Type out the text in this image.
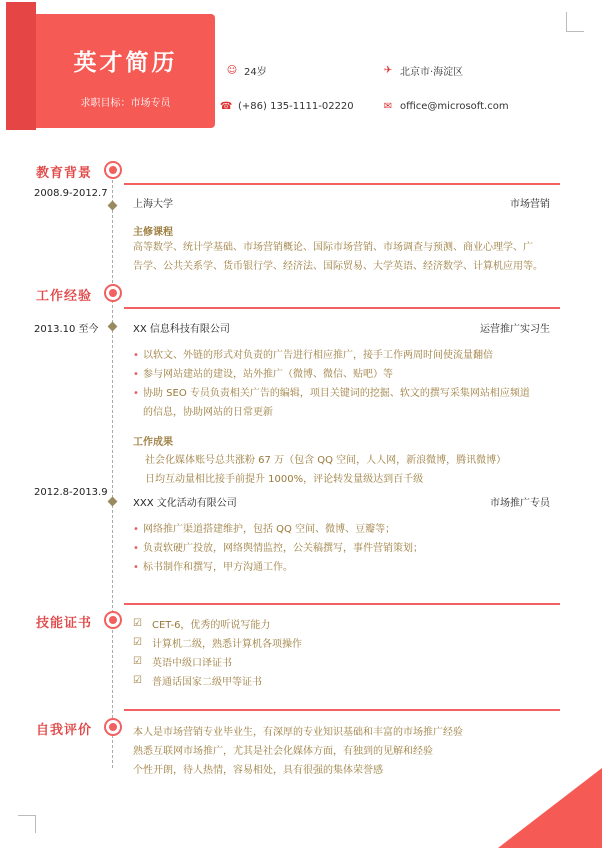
英才简历
求职目标：市场专员
☺ 24岁	✈ 北京市·海淀区
☎ (+86) 135-1111-02220	✉ office@microsoft.com
教育背景
2008.9-2012.7
上海大学	市场营销
主修课程
高等数学、统计学基础、市场营销概论、国际市场营销、市场调查与预测、商业心理学、广
告学、公共关系学、货币银行学、经济法、国际贸易、大学英语、经济数学、计算机应用等。
工作经验
2013.10 至今	XX 信息科技有限公司	运营推广实习生
• 以软文、外链的形式对负责的广告进行相应推广，接手工作两周时间使流量翻倍
• 参与网站建站的建设，站外推广（微博、微信、贴吧）等
• 协助 SEO 专员负责相关广告的编辑，项目关键词的挖掘、软文的撰写采集网站相应频道
的信息，协助网站的日常更新
工作成果
社会化媒体账号总共涨粉 67 万（包含 QQ 空间，人人网，新浪微博，腾讯微博）
日均互动量相比接手前提升 1000%，评论转发量级达到百千级
2012.8-2013.9
XXX 文化活动有限公司	市场推广专员
• 网络推广渠道搭建维护，包括 QQ 空间、微博、豆瓣等；
• 负责软硬广投放，网络舆情监控，公关稿撰写，事件营销策划；
• 标书制作和撰写，甲方沟通工作。
技能证书	☑ CET-6，优秀的听说写能力
☑ 计算机二级，熟悉计算机各项操作
☑ 英语中级口译证书
☑ 普通话国家二级甲等证书
自我评价	本人是市场营销专业毕业生，有深厚的专业知识基础和丰富的市场推广经验
熟悉互联网市场推广，尤其是社会化媒体方面，有独到的见解和经验
个性开朗，待人热情，容易相处，具有很强的集体荣誉感
